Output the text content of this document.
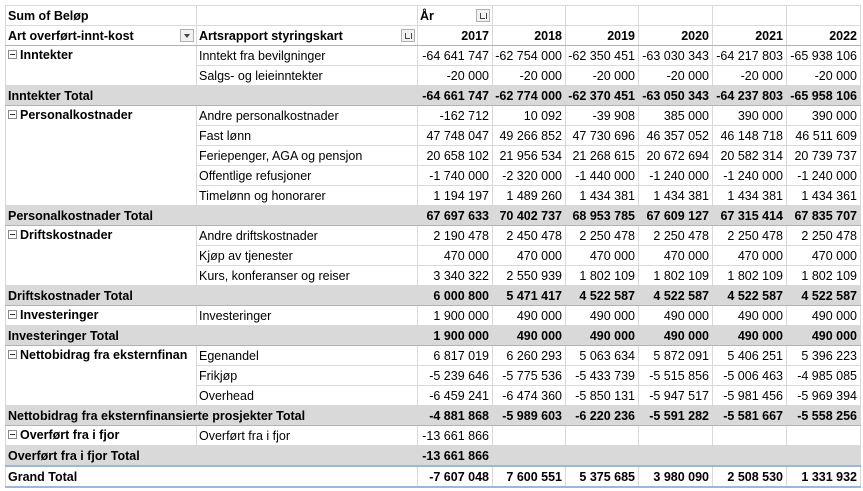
Sum of Beløp		År

Art overført-innt-kost	Artsrapport styringskart	2017	2018	2019	2020	2021	2022
Inntekter	Inntekt fra bevilgninger	-64 641 747	-62 754 000	-62 350 451	-63 030 343	-64 217 803	-65 938 106
	Salgs- og leieinntekter	-20 000	-20 000	-20 000	-20 000	-20 000	-20 000
Inntekter Total		-64 661 747	-62 774 000	-62 370 451	-63 050 343	-64 237 803	-65 958 106
Personalkostnader	Andre personalkostnader	-162 712	10 092	-39 908	385 000	390 000	390 000
	Fast lønn	47 748 047	49 266 852	47 730 696	46 357 052	46 148 718	46 511 609
	Feriepenger, AGA og pensjon	20 658 102	21 956 534	21 268 615	20 672 694	20 582 314	20 739 737
	Offentlige refusjoner	-1 740 000	-2 320 000	-1 440 000	-1 240 000	-1 240 000	-1 240 000
	Timelønn og honorarer	1 194 197	1 489 260	1 434 381	1 434 381	1 434 381	1 434 361
Personalkostnader Total		67 697 633	70 402 737	68 953 785	67 609 127	67 315 414	67 835 707
Driftskostnader	Andre driftskostnader	2 190 478	2 450 478	2 250 478	2 250 478	2 250 478	2 250 478
	Kjøp av tjenester	470 000	470 000	470 000	470 000	470 000	470 000
	Kurs, konferanser og reiser	3 340 322	2 550 939	1 802 109	1 802 109	1 802 109	1 802 109
Driftskostnader Total		6 000 800	5 471 417	4 522 587	4 522 587	4 522 587	4 522 587
Investeringer	Investeringer	1 900 000	490 000	490 000	490 000	490 000	490 000
Investeringer Total		1 900 000	490 000	490 000	490 000	490 000	490 000
Nettobidrag fra eksternfinan	Egenandel	6 817 019	6 260 293	5 063 634	5 872 091	5 406 251	5 396 223
	Frikjøp	-5 239 646	-5 775 536	-5 433 739	-5 515 856	-5 006 463	-4 985 085
	Overhead	-6 459 241	-6 474 360	-5 850 131	-5 947 517	-5 981 456	-5 969 394
Nettobidrag fra eksternfinansierte prosjekter Total		-4 881 868	-5 989 603	-6 220 236	-5 591 282	-5 581 667	-5 558 256
Overført fra i fjor	Overført fra i fjor	-13 661 866					
Overført fra i fjor Total		-13 661 866					
Grand Total		-7 607 048	7 600 551	5 375 685	3 980 090	2 508 530	1 331 932
